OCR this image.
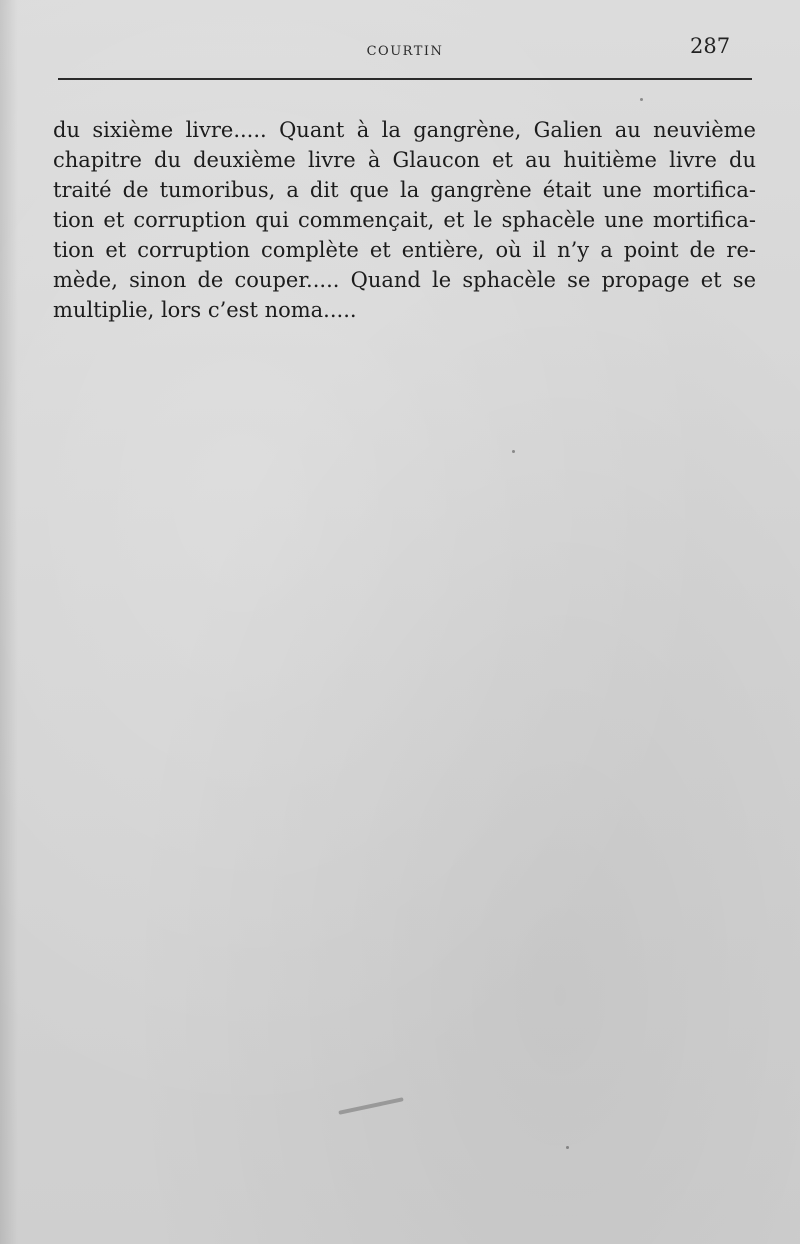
COURTIN	287
du sixième livre..... Quant à la gangrène, Galien au neuvième
chapitre du deuxième livre à Glaucon et au huitième livre du
traité de tumoribus, a dit que la gangrène était une mortifica-
tion et corruption qui commençait, et le sphacèle une mortifica-
tion et corruption complète et entière, où il n’y a point de re-
mède, sinon de couper..... Quand le sphacèle se propage et se
multiplie, lors c’est noma.....
